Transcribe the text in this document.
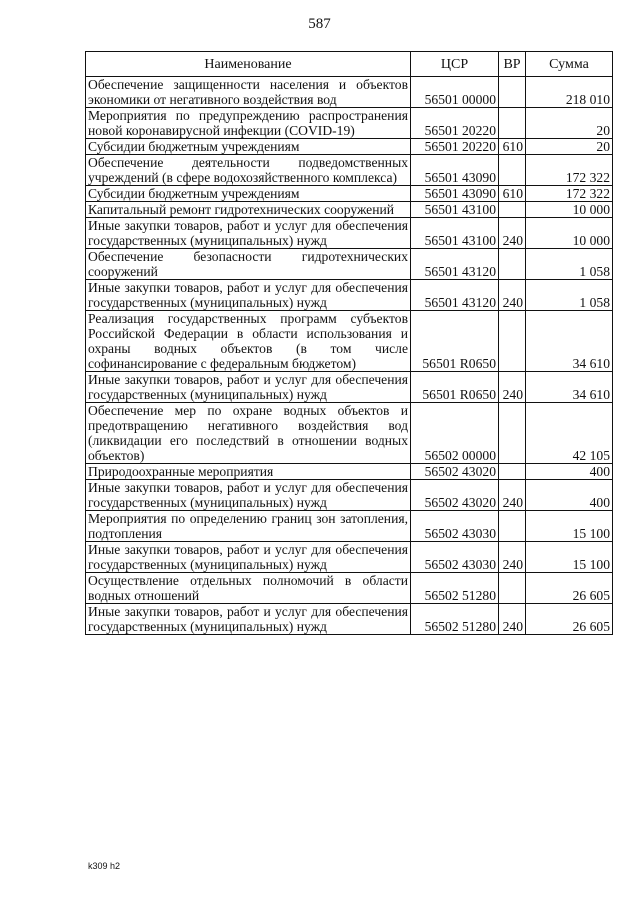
587
Наименование	ЦСР	ВР	Сумма
Обеспечение защищенности населения и объектов экономики от негативного воздействия вод	56501 00000		218 010
Мероприятия по предупреждению распространения новой коронавирусной инфекции (COVID-19)	56501 20220		20
Субсидии бюджетным учреждениям	56501 20220	610	20
Обеспечение деятельности подведомственных учреждений (в сфере водохозяйственного комплекса)	56501 43090		172 322
Субсидии бюджетным учреждениям	56501 43090	610	172 322
Капитальный ремонт гидротехнических сооружений	56501 43100		10 000
Иные закупки товаров, работ и услуг для обеспечения государственных (муниципальных) нужд	56501 43100	240	10 000
Обеспечение безопасности гидротехнических сооружений	56501 43120		1 058
Иные закупки товаров, работ и услуг для обеспечения государственных (муниципальных) нужд	56501 43120	240	1 058
Реализация государственных программ субъектов Российской Федерации в области использования и охраны водных объектов (в том числе софинансирование с федеральным бюджетом)	56501 R0650		34 610
Иные закупки товаров, работ и услуг для обеспечения государственных (муниципальных) нужд	56501 R0650	240	34 610
Обеспечение мер по охране водных объектов и предотвращению негативного воздействия вод (ликвидации его последствий в отношении водных объектов)	56502 00000		42 105
Природоохранные мероприятия	56502 43020		400
Иные закупки товаров, работ и услуг для обеспечения государственных (муниципальных) нужд	56502 43020	240	400
Мероприятия по определению границ зон затопления, подтопления	56502 43030		15 100
Иные закупки товаров, работ и услуг для обеспечения государственных (муниципальных) нужд	56502 43030	240	15 100
Осуществление отдельных полномочий в области водных отношений	56502 51280		26 605
Иные закупки товаров, работ и услуг для обеспечения государственных (муниципальных) нужд	56502 51280	240	26 605
k309 h2
